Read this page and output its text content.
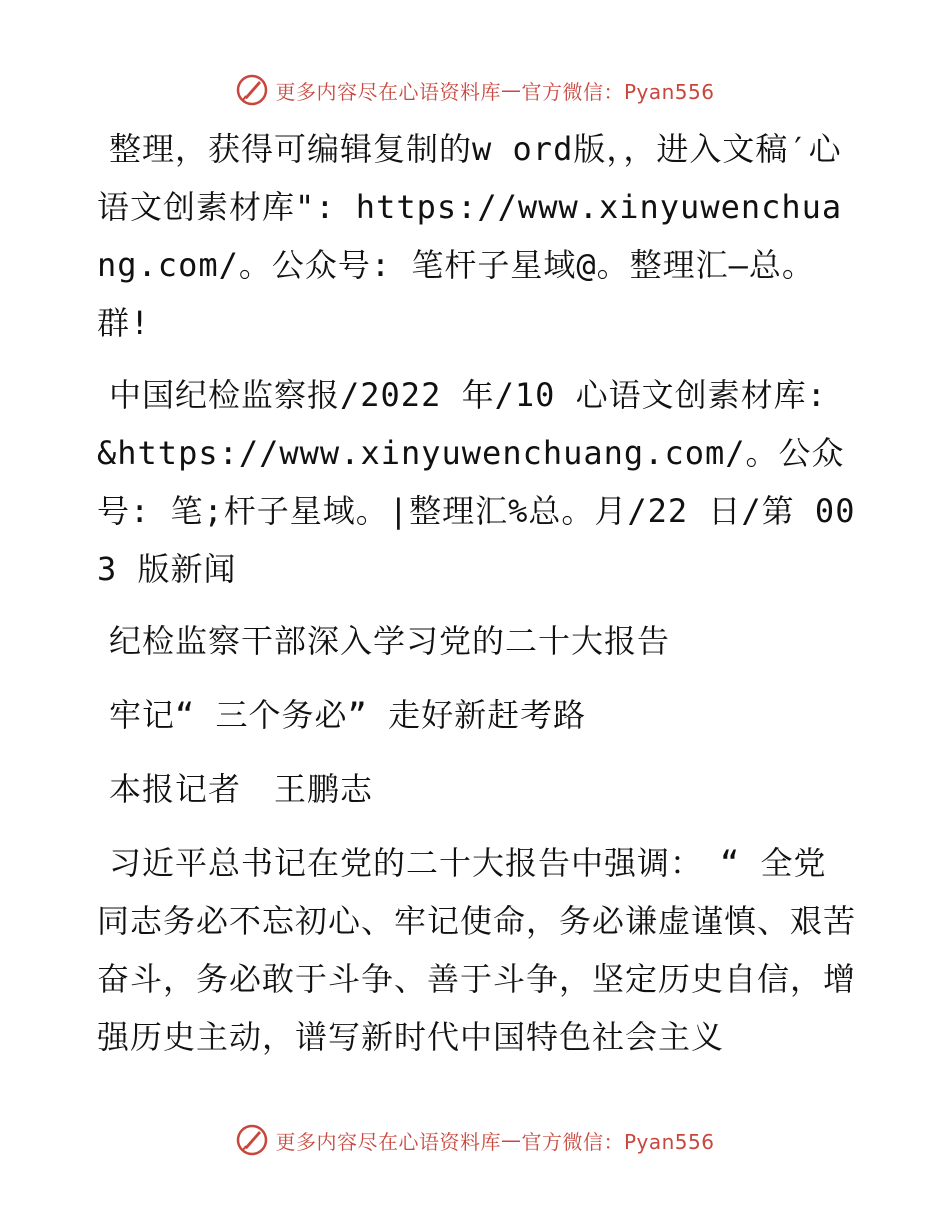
更多内容尽在心语资料库 — 官方微信：Pyan556

整理，获得可编辑复制的w ord版，，进入文稿′心语文创素材库": https://www.xinyuwenchuang.com/。公众号: 笔杆子星域@。整理汇—总。群!

中国纪检监察报/2022 年/10 心语文创素材库: &https://www.xinyuwenchuang.com/。公众号: 笔;杆子星域。|整理汇%总。月/22 日/第 003 版新闻

纪检监察干部深入学习党的二十大报告

牢记“ 三个务必” 走好新赶考路

本报记者　王鹏志

习近平总书记在党的二十大报告中强调：　“ 全党同志务必不忘初心、牢记使命，务必谦虚谨慎、艰苦奋斗，务必敢于斗争、善于斗争，坚定历史自信，增强历史主动，谱写新时代中国特色社会主义

更多内容尽在心语资料库 — 官方微信：Pyan556
